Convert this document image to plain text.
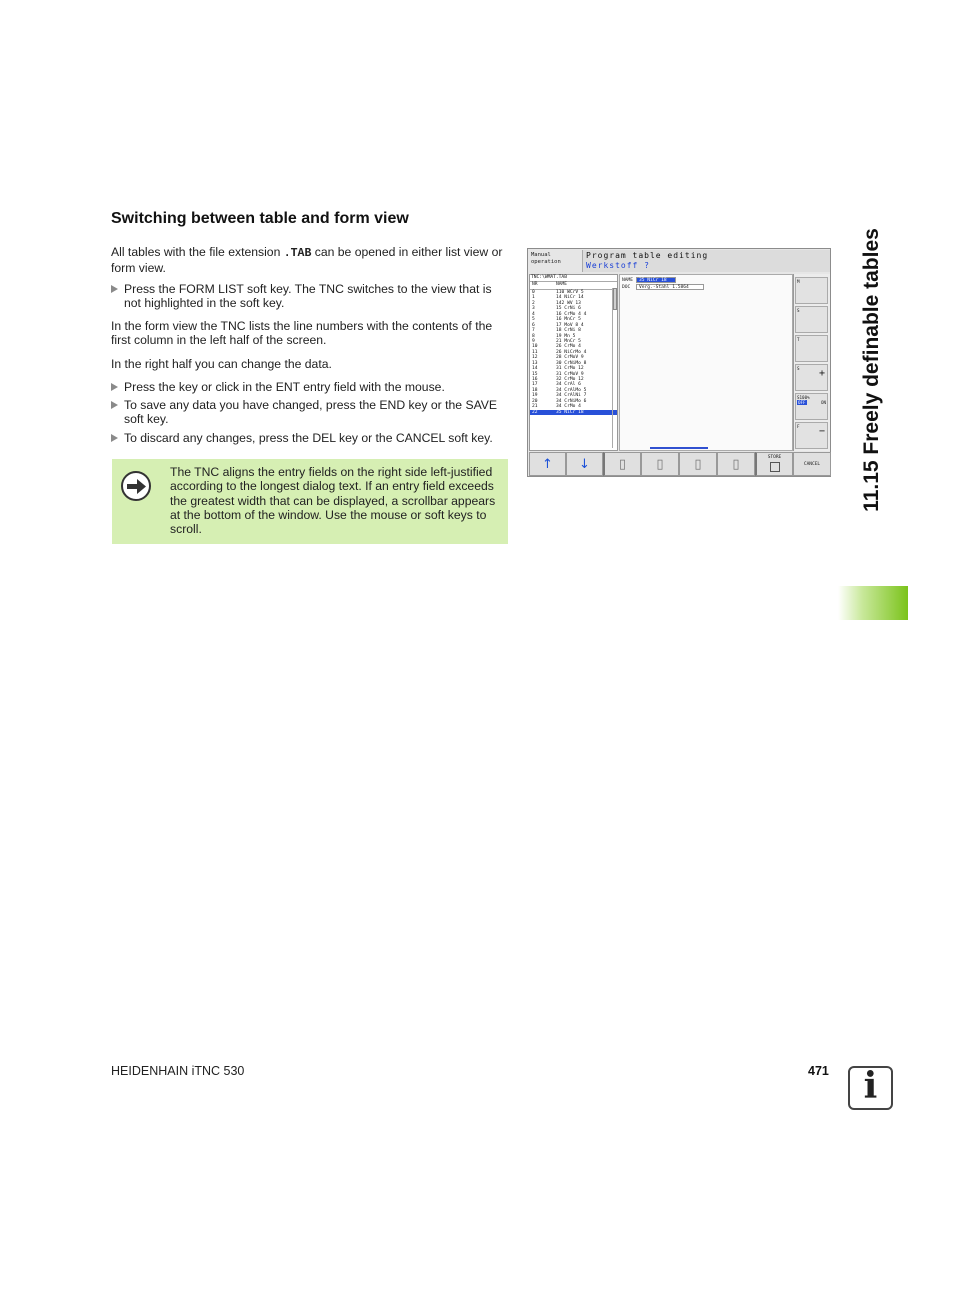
Switching between table and form view
All tables with the file extension .TAB can be opened in either list view or form view.
Press the FORM LIST soft key. The TNC switches to the view that is not highlighted in the soft key.
In the form view the TNC lists the line numbers with the contents of the first column in the left half of the screen.
In the right half you can change the data.
Press the key or click in the ENT entry field with the mouse.
To save any data you have changed, press the END key or the SAVE soft key.
To discard any changes, press the DEL key or the CANCEL soft key.
The TNC aligns the entry fields on the right side left-justified according to the longest dialog text. If an entry field exceeds the greatest width that can be displayed, a scrollbar appears at the bottom of the window. Use the mouse or soft keys to scroll.
Manual
operation
Program table editing
Werkstoff ?
TNC:\WMAT.TAB
NR	NAME
0	110 WCrV 5
1	14 NiCr 14
2	142 WV 13
3	15 CrNi 6
4	16 CrMo 4 4
5	16 MnCr 5
6	17 MoV 8 4
7	18 CrNi 8
8	19 Mn 5
9	21 MnCr 5
10	26 CrMo 4
11	26 NiCrMo 4
12	28 CrMoV 9
13	30 CrNiMo 8
14	31 CrMo 12
15	31 CrMoV 9
16	32 CrMo 12
17	34 CrAl 6
18	34 CrAlMo 5
19	34 CrAlNi 7
20	34 CrNiMo 6
21	34 CrMo 4
22	35 NiCr 18
NAME	35 NiCr 18
DOC	Verg.-Stahl 1.5864
M
S
T
S +
S100%
OFF	ON
F −
↑ ↓ ▯ ▯ ▯ ▯	STORE
CANCEL	11.15 Freely definable tables
HEIDENHAIN iTNC 530	471 i
